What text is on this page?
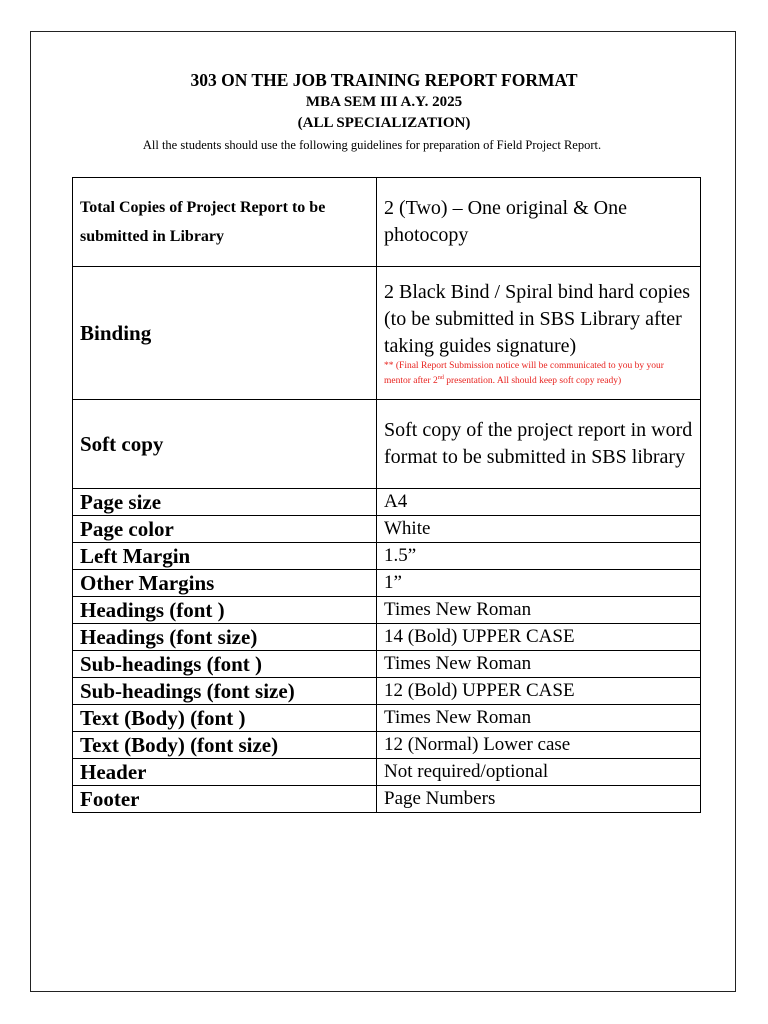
303 ON THE JOB TRAINING REPORT FORMAT
MBA SEM III A.Y. 2025
(ALL SPECIALIZATION)
All the students should use the following guidelines for preparation of Field Project Report.
Total Copies of Project Report to be submitted in Library	2 (Two) – One original & One photocopy
Binding	2 Black Bind / Spiral bind hard copies (to be submitted in SBS Library after taking guides signature)
** (Final Report Submission notice will be communicated to you by your mentor after 2nd presentation. All should keep soft copy ready)

Soft copy	Soft copy of the project report in word format to be submitted in SBS library
Page size	A4
Page color	White
Left Margin	1.5”
Other Margins	1”
Headings (font )	Times New Roman
Headings (font size)	14 (Bold) UPPER CASE
Sub-headings (font )	Times New Roman
Sub-headings (font size)	12 (Bold) UPPER CASE
Text (Body) (font )	Times New Roman
Text (Body) (font size)	12 (Normal) Lower case
Header	Not required/optional
Footer	Page Numbers
